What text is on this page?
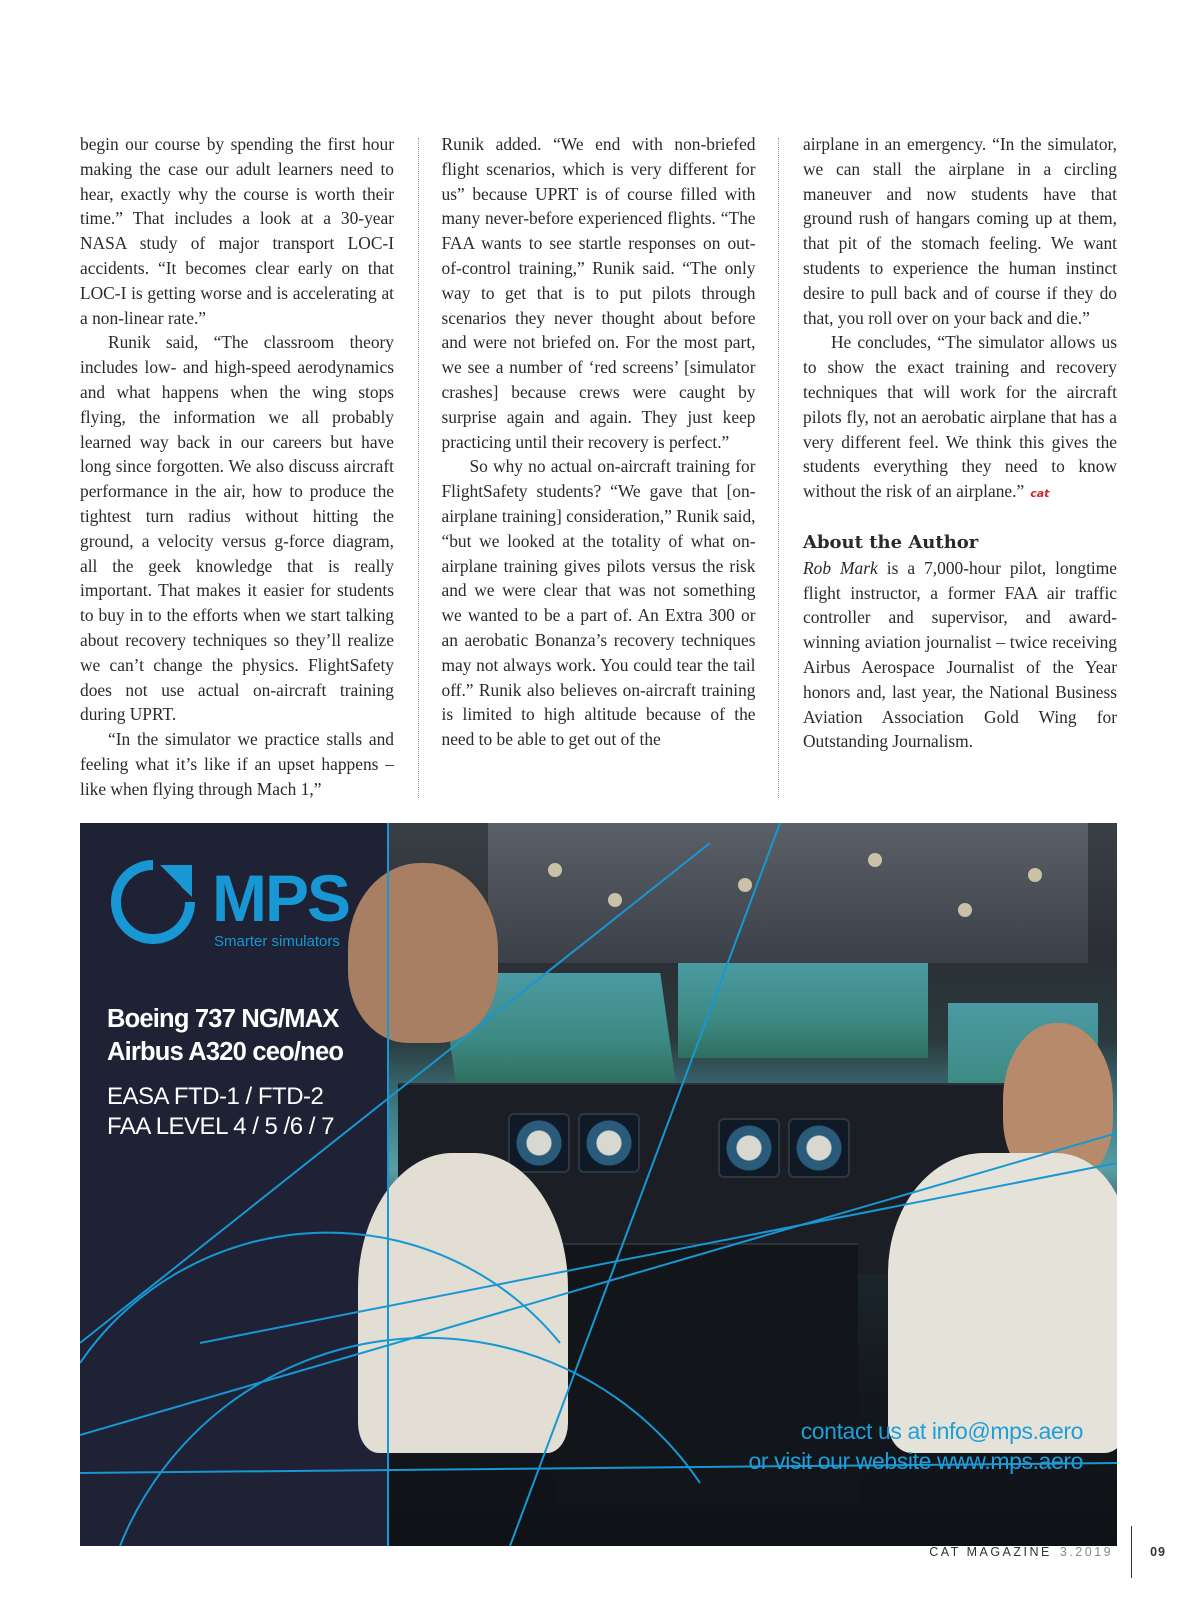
begin our course by spending the first hour making the case our adult learners need to hear, exactly why the course is worth their time.” That includes a look at a 30-year NASA study of major transport LOC-I accidents. “It becomes clear early on that LOC-I is getting worse and is accelerating at a non-linear rate.”

Runik said, “The classroom theory includes low- and high-speed aerodynamics and what happens when the wing stops flying, the information we all probably learned way back in our careers but have long since forgotten. We also discuss aircraft performance in the air, how to produce the tightest turn radius without hitting the ground, a velocity versus g-force diagram, all the geek knowledge that is really important. That makes it easier for students to buy in to the efforts when we start talking about recovery techniques so they’ll realize we can’t change the physics. FlightSafety does not use actual on-aircraft training during UPRT.

“In the simulator we practice stalls and feeling what it’s like if an upset happens – like when flying through Mach 1,”

Runik added. “We end with non-briefed flight scenarios, which is very different for us” because UPRT is of course filled with many never-before experienced flights. “The FAA wants to see startle responses on out-of-control training,” Runik said. “The only way to get that is to put pilots through scenarios they never thought about before and were not briefed on. For the most part, we see a number of ‘red screens’ [simulator crashes] because crews were caught by surprise again and again. They just keep practicing until their recovery is perfect.”

So why no actual on-aircraft training for FlightSafety students? “We gave that [on-airplane training] consideration,” Runik said, “but we looked at the totality of what on-airplane training gives pilots versus the risk and we were clear that was not something we wanted to be a part of. An Extra 300 or an aerobatic Bonanza’s recovery techniques may not always work. You could tear the tail off.” Runik also believes on-aircraft training is limited to high altitude because of the need to be able to get out of the

airplane in an emergency. “In the simulator, we can stall the airplane in a circling maneuver and now students have that ground rush of hangars coming up at them, that pit of the stomach feeling. We want students to experience the human instinct desire to pull back and of course if they do that, you roll over on your back and die.”

He concludes, “The simulator allows us to show the exact training and recovery techniques that will work for the aircraft pilots fly, not an aerobatic airplane that has a very different feel. We think this gives the students everything they need to know without the risk of an airplane.” cat

About the Author

Rob Mark is a 7,000-hour pilot, longtime flight instructor, a former FAA air traffic controller and supervisor, and award-winning aviation journalist – twice receiving Airbus Aerospace Journalist of the Year honors and, last year, the National Business Aviation Association Gold Wing for Outstanding Journalism.

MPS
Smarter simulators
Boeing 737 NG/MAX
Airbus A320 ceo/neo
EASA FTD-1 / FTD-2
FAA LEVEL 4 / 5 /6 / 7
contact us at info@mps.aero
or visit our website www.mps.aero
CAT MAGAZINE 3.2019	09
